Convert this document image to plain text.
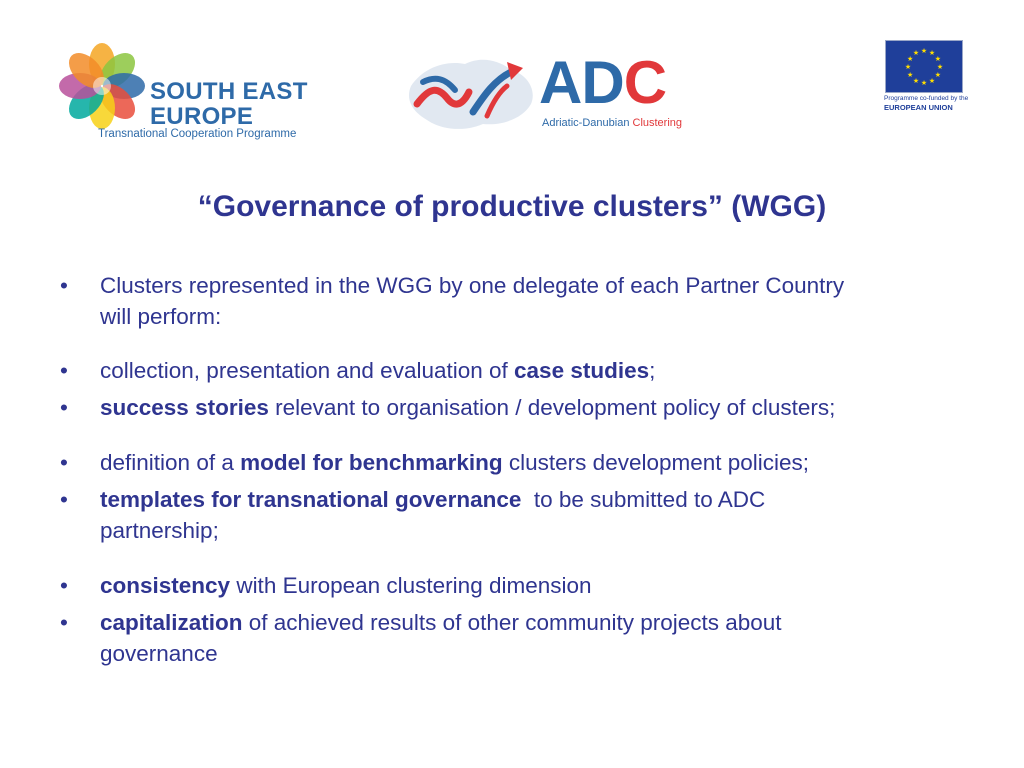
SOUTH EAST
EUROPE
Transnational Cooperation Programme
ADC
Adriatic-Danubian Clustering
★ ★
★
★
★
★
★
★
★
★
★
★
Programme co-funded by the
EUROPEAN UNION
“Governance of productive clusters” (WGG)
• Clusters represented in the WGG by one delegate of each Partner Country
will perform:
• collection, presentation and evaluation of case studies;
• success stories relevant to organisation / development policy of clusters;
• definition of a model for benchmarking clusters development policies;
• templates for transnational governance  to be submitted to ADC
partnership;
• consistency with European clustering dimension
• capitalization of achieved results of other community projects about
governance
